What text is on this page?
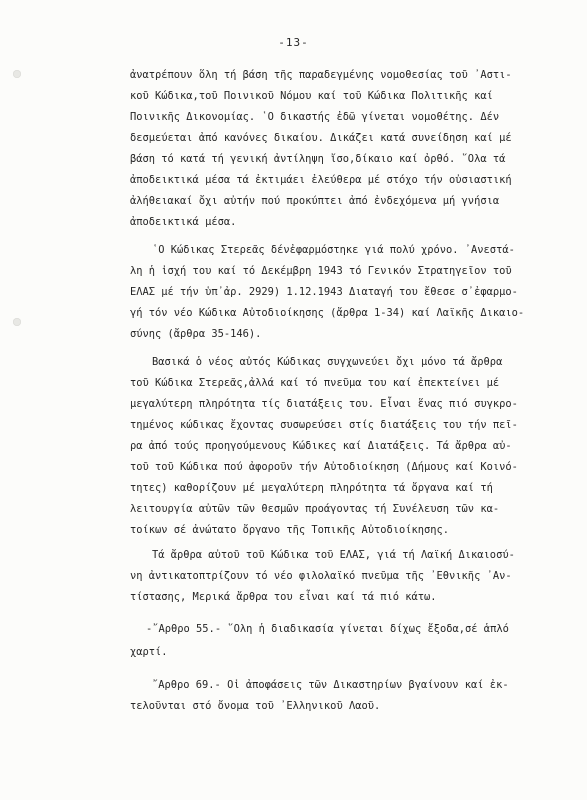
-13-
ἀνατρέπουν ὅλη τή βάση τῆς παραδεγμένης νομοθεσίας τοῦ ᾽Αστι-
κοῦ Κώδικα,τοῦ Ποινικοῦ Νόμου καί τοῦ Κώδικα Πολιτικῆς καί
Ποινικῆς Δικονομίας. ῾Ο δικαστής ἐδῶ γίνεται νομοθέτης. Δέν
δεσμεύεται ἀπό κανόνες δικαίου. Δικάζει κατά συνείδηση καί μέ
βάση τό κατά τή γενική ἀντίληψη ἴσο,δίκαιο καί ὀρθό. ῞Ολα τά
ἀποδεικτικά μέσα τά ἐκτιμάει ἐλεύθερα μέ στόχο τήν οὐσιαστική
ἀλήθειακαί ὄχι αὐτήν πού προκύπτει ἀπό ἐνδεχόμενα μή γνήσια
ἀποδεικτικά μέσα.
῾Ο Κώδικας Στερεᾶς δένἐφαρμόστηκε γιά πολύ χρόνο. ᾽Ανεστά-
λη ἡ ἰσχή του καί τό Δεκέμβρη 1943 τό Γενικόν Στρατηγεῖον τοῦ
ΕΛΑΣ μέ τήν ὑπ᾽ἀρ. 2929) 1.12.1943 Διαταγή του ἔθεσε σ᾽ἐφαρμο-
γή τόν νέο Κώδικα Αὐτοδιοίκησης (ἄρθρα 1-34) καί Λαϊκῆς Δικαιο-
σύνης (ἄρθρα 35-146).
Βασικά ὁ νέος αὐτός Κώδικας συγχωνεύει ὄχι μόνο τά ἄρθρα
τοῦ Κώδικα Στερεᾶς,ἀλλά καί τό πνεῦμα του καί ἐπεκτείνει μέ
μεγαλύτερη πληρότητα τίς διατάξεις του. Εἶναι ἕνας πιό συγκρο-
τημένος κώδικας ἔχοντας συσωρεύσει στίς διατάξεις του τήν πεῖ-
ρα ἀπό τούς προηγούμενους Κώδικες καί Διατάξεις. Τά ἄρθρα αὐ-
τοῦ τοῦ Κώδικα πού ἀφοροῦν τήν Αὐτοδιοίκηση (Δήμους καί Κοινό-
τητες) καθορίζουν μέ μεγαλύτερη πληρότητα τά ὄργανα καί τή
λειτουργία αὐτῶν τῶν θεσμῶν προάγοντας τή Συνέλευση τῶν κα-
τοίκων σέ ἀνώτατο ὄργανο τῆς Τοπικῆς Αὐτοδιοίκησης.
Τά ἄρθρα αὐτοῦ τοῦ Κώδικα τοῦ ΕΛΑΣ, γιά τή Λαϊκή Δικαιοσύ-
νη ἀντικατοπτρίζουν τό νέο φιλολαϊκό πνεῦμα τῆς ᾽Εθνικῆς ᾽Αν-
τίστασης, Μερικά ἄρθρα του εἶναι καί τά πιό κάτω.
-῎Αρθρο 55.- ῞Ολη ἡ διαδικασία γίνεται δίχως ἔξοδα,σέ ἁπλό
χαρτί.
῎Αρθρο 69.- Οἱ ἀποφάσεις τῶν Δικαστηρίων βγαίνουν καί ἐκ-
τελοῦνται στό ὄνομα τοῦ ᾽Ελληνικοῦ Λαοῦ.
